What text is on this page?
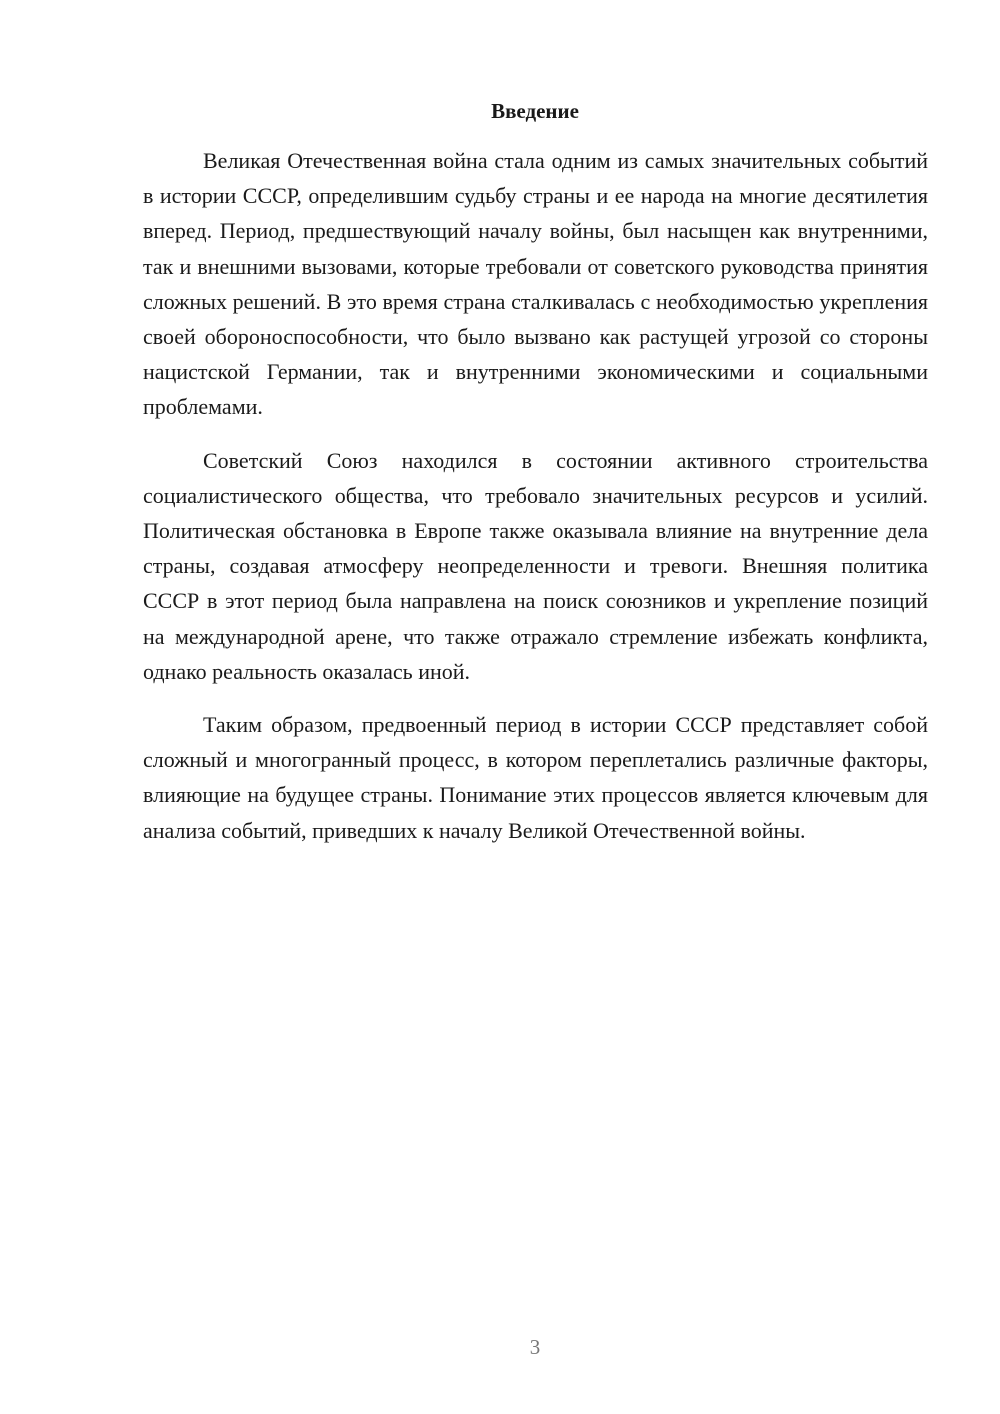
Введение

Великая Отечественная война стала одним из самых значительных событий в истории СССР, определившим судьбу страны и ее народа на многие десятилетия вперед. Период, предшествующий началу войны, был насыщен как внутренними, так и внешними вызовами, которые требовали от советского руководства принятия сложных решений. В это время страна сталкивалась с необходимостью укрепления своей обороноспособности, что было вызвано как растущей угрозой со стороны нацистской Германии, так и внутренними экономическими и социальными проблемами.

Советский Союз находился в состоянии активного строительства социалистического общества, что требовало значительных ресурсов и усилий. Политическая обстановка в Европе также оказывала влияние на внутренние дела страны, создавая атмосферу неопределенности и тревоги. Внешняя политика СССР в этот период была направлена на поиск союзников и укрепление позиций на международной арене, что также отражало стремление избежать конфликта, однако реальность оказалась иной.

Таким образом, предвоенный период в истории СССР представляет собой сложный и многогранный процесс, в котором переплетались различные факторы, влияющие на будущее страны. Понимание этих процессов является ключевым для анализа событий, приведших к началу Великой Отечественной войны.

3
